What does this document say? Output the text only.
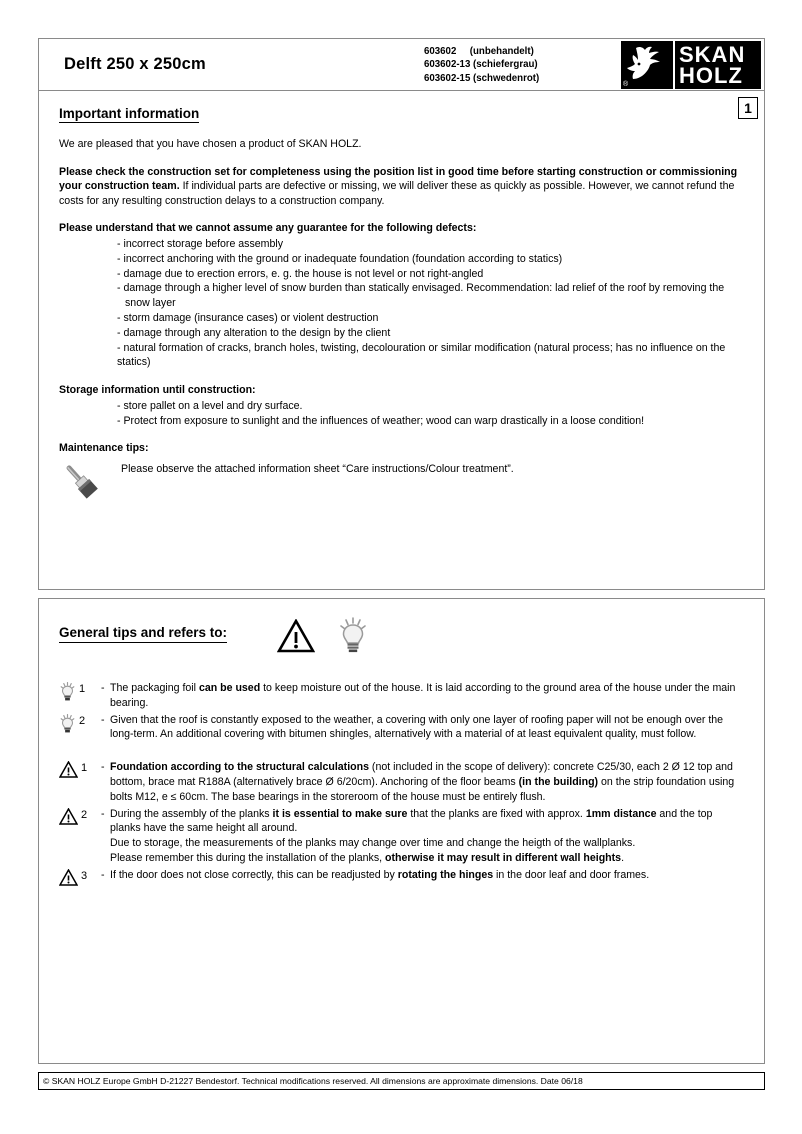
Delft 250 x 250cm
603602     (unbehandelt)
603602-13 (schiefergrau)
603602-15 (schwedenrot)
®
SKAN
HOLZ
1
Important information

We are pleased that you have chosen a product of SKAN HOLZ.

Please check the construction set for completeness using the position list in good time before starting construction or commissioning your construction team. If individual parts are defective or missing, we will deliver these as quickly as possible. However, we cannot refund the costs for any resulting construction delays to a construction company.

Please understand that we cannot assume any guarantee for the following defects:

- incorrect storage before assembly
- incorrect anchoring with the ground or inadequate foundation (foundation according to statics)
- damage due to erection errors, e. g. the house is not level or not right-angled
- damage through a higher level of snow burden than statically envisaged. Recommendation: lad relief of the roof by removing the snow layer
- storm damage (insurance cases) or violent destruction
- damage through any alteration to the design by the client
- natural formation of cracks, branch holes, twisting, decolouration or similar modification (natural process; has no influence on the statics)

Storage information until construction:

- store pallet on a level and dry surface.
- Protect from exposure to sunlight and the influences of weather; wood can warp drastically in a loose condition!

Maintenance tips:

Please observe the attached information sheet “Care instructions/Colour treatment”.
General tips and refers to:
1 - The packaging foil can be used to keep moisture out of the house. It is laid according to the ground area of the house under the main bearing.
2 - Given that the roof is constantly exposed to the weather, a covering with only one layer of roofing paper will not be enough over the long-term. An additional covering with bitumen shingles, alternatively with a material of at least equivalent quality, must follow.
1 - Foundation according to the structural calculations (not included in the scope of delivery): concrete C25/30, each 2 Ø 12 top and bottom, brace mat R188A (alternatively brace Ø 6/20cm). Anchoring of the floor beams (in the building) on the strip foundation using bolts M12, e ≤ 60cm. The base bearings in the storeroom of the house must be entirely flush.
2 - During the assembly of the planks it is essential to make sure that the planks are fixed with approx. 1mm distance and the top planks have the same height all around.
Due to storage, the measurements of the planks may change over time and change the heigth of the wallplanks.
Please remember this during the installation of the planks, otherwise it may result in different wall heights.
3 - If the door does not close correctly, this can be readjusted by rotating the hinges in the door leaf and door frames.
© SKAN HOLZ Europe GmbH D-21227 Bendestorf. Technical modifications reserved. All dimensions are approximate dimensions. Date 06/18
